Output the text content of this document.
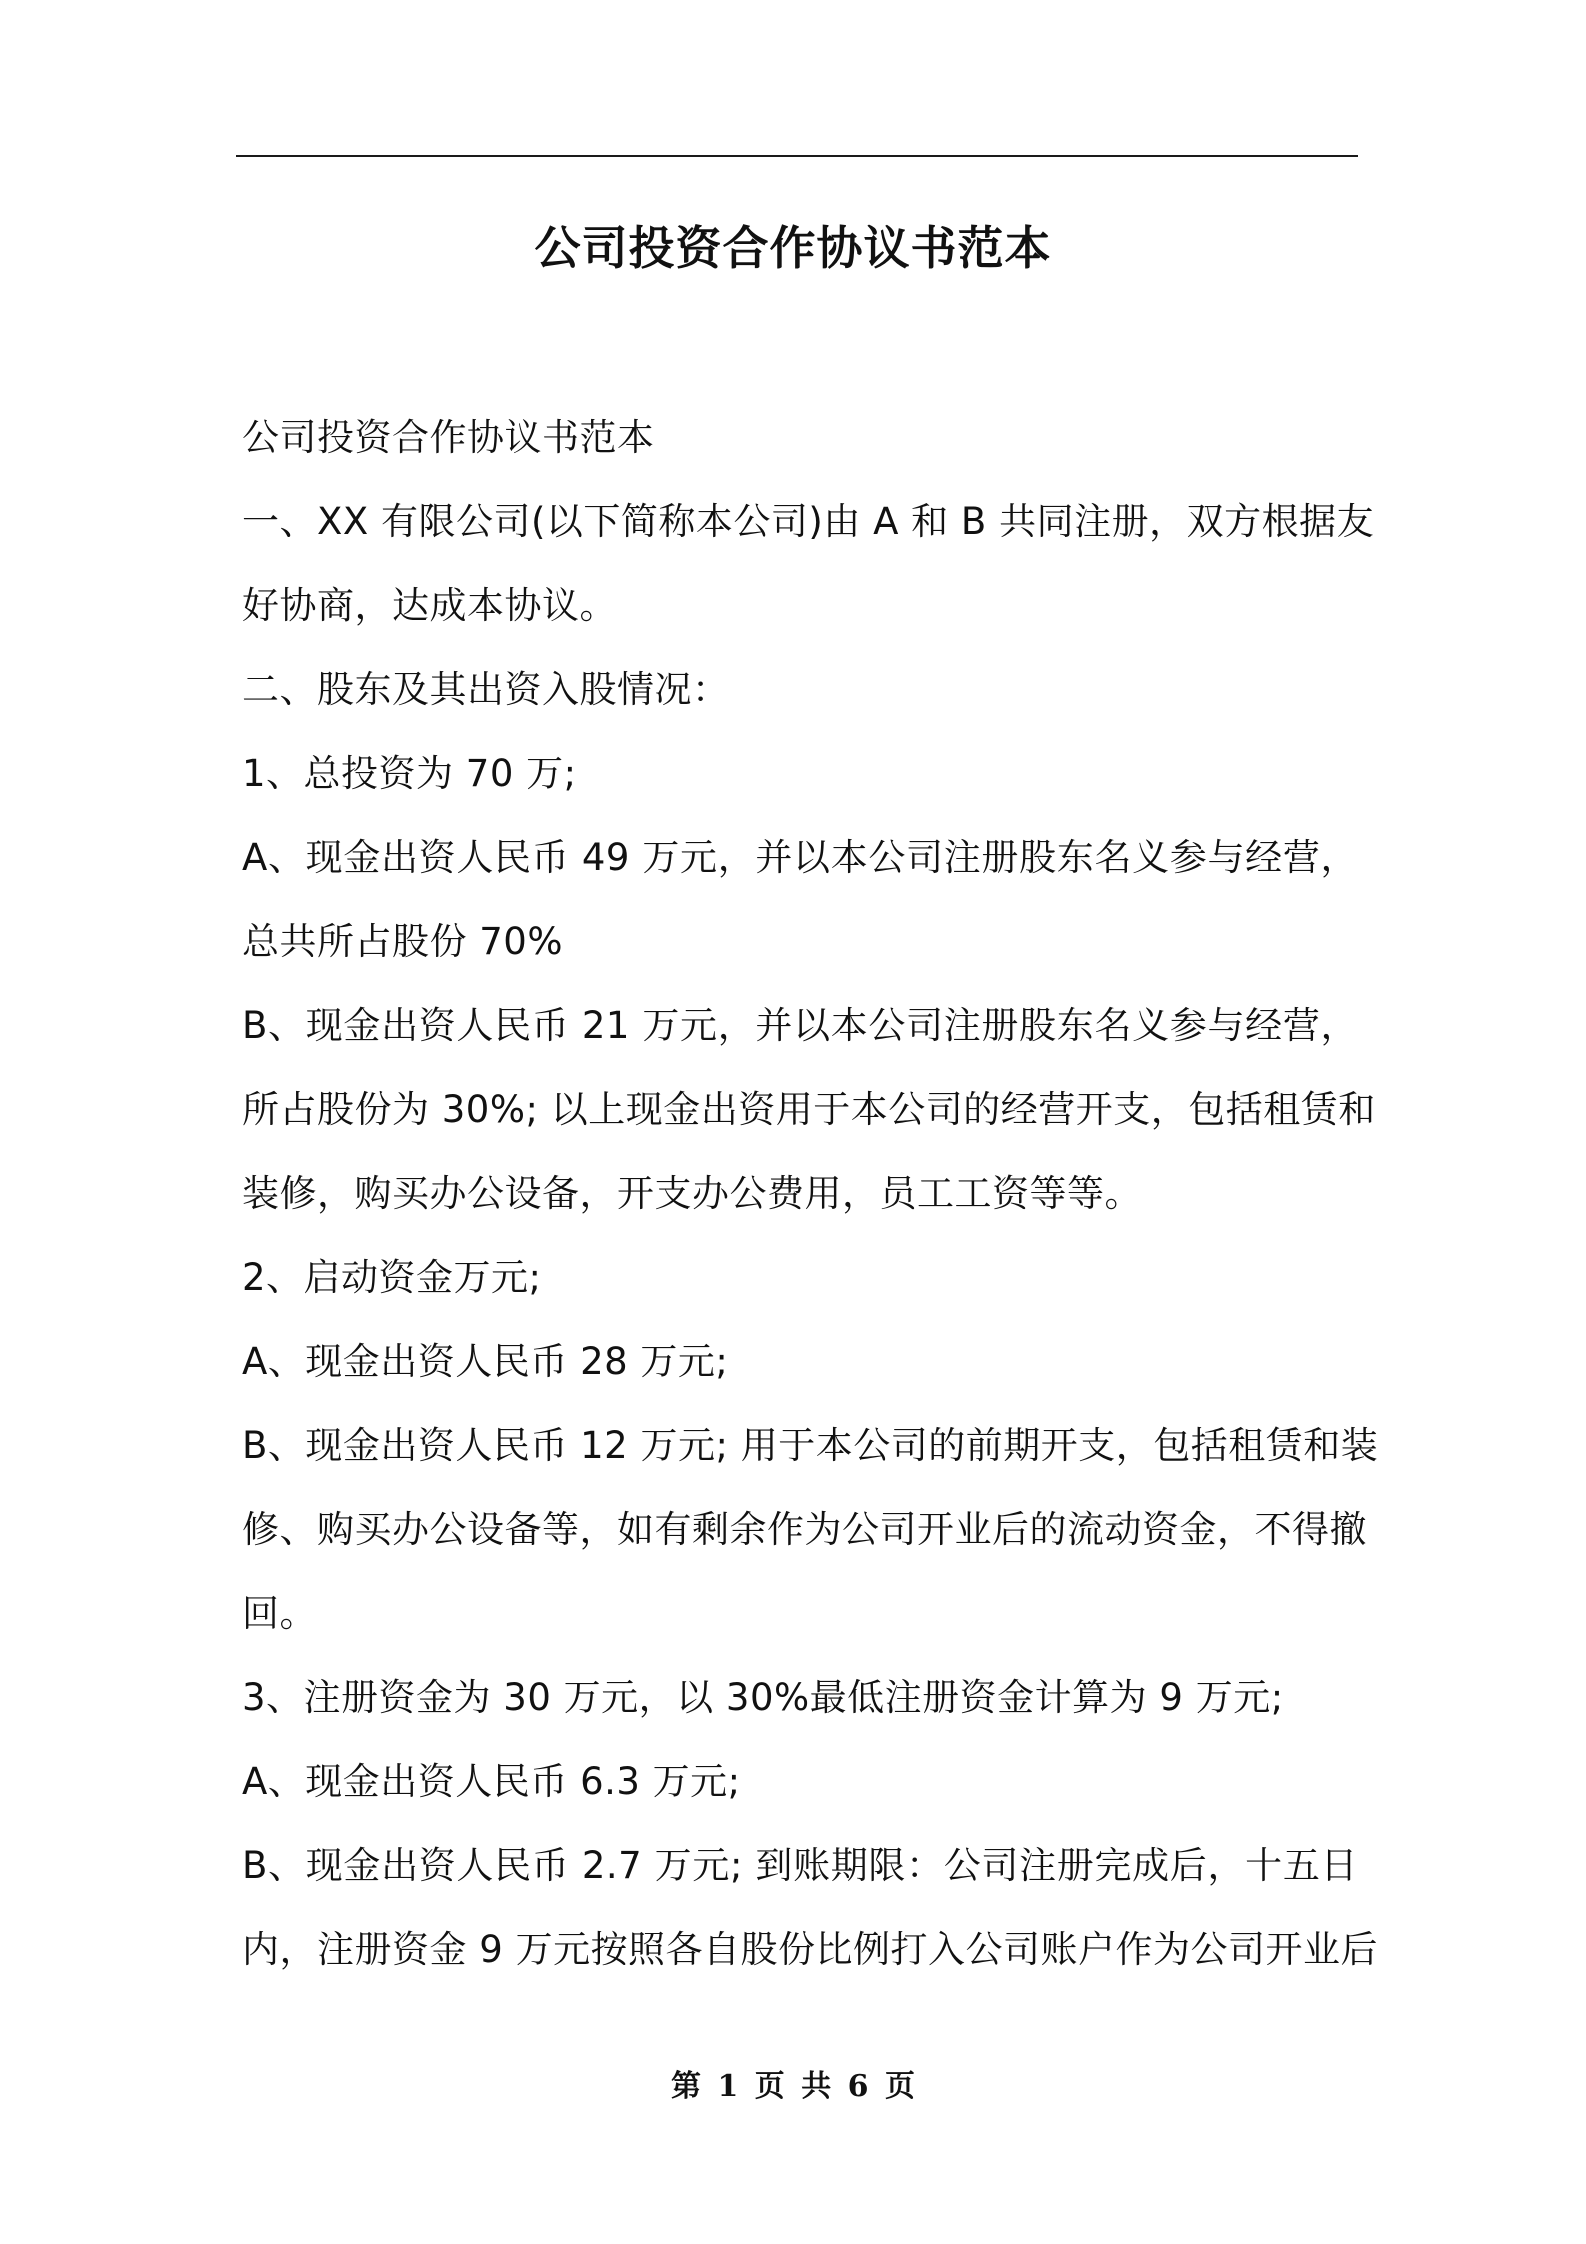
公司投资合作协议书范本
公司投资合作协议书范本
一、XX 有限公司(以下简称本公司)由 A 和 B 共同注册，双方根据友
好协商，达成本协议。
二、股东及其出资入股情况：
1、总投资为 70 万;
A、现金出资人民币 49 万元，并以本公司注册股东名义参与经营，
总共所占股份 70%
B、现金出资人民币 21 万元，并以本公司注册股东名义参与经营，
所占股份为 30%; 以上现金出资用于本公司的经营开支，包括租赁和
装修，购买办公设备，开支办公费用，员工工资等等。
2、启动资金万元;
A、现金出资人民币 28 万元;
B、现金出资人民币 12 万元; 用于本公司的前期开支，包括租赁和装
修、购买办公设备等，如有剩余作为公司开业后的流动资金，不得撤
回。
3、注册资金为 30 万元，以 30%最低注册资金计算为 9 万元;
A、现金出资人民币 6.3 万元;
B、现金出资人民币 2.7 万元; 到账期限：公司注册完成后，十五日
内，注册资金 9 万元按照各自股份比例打入公司账户作为公司开业后
第 1 页 共 6 页
